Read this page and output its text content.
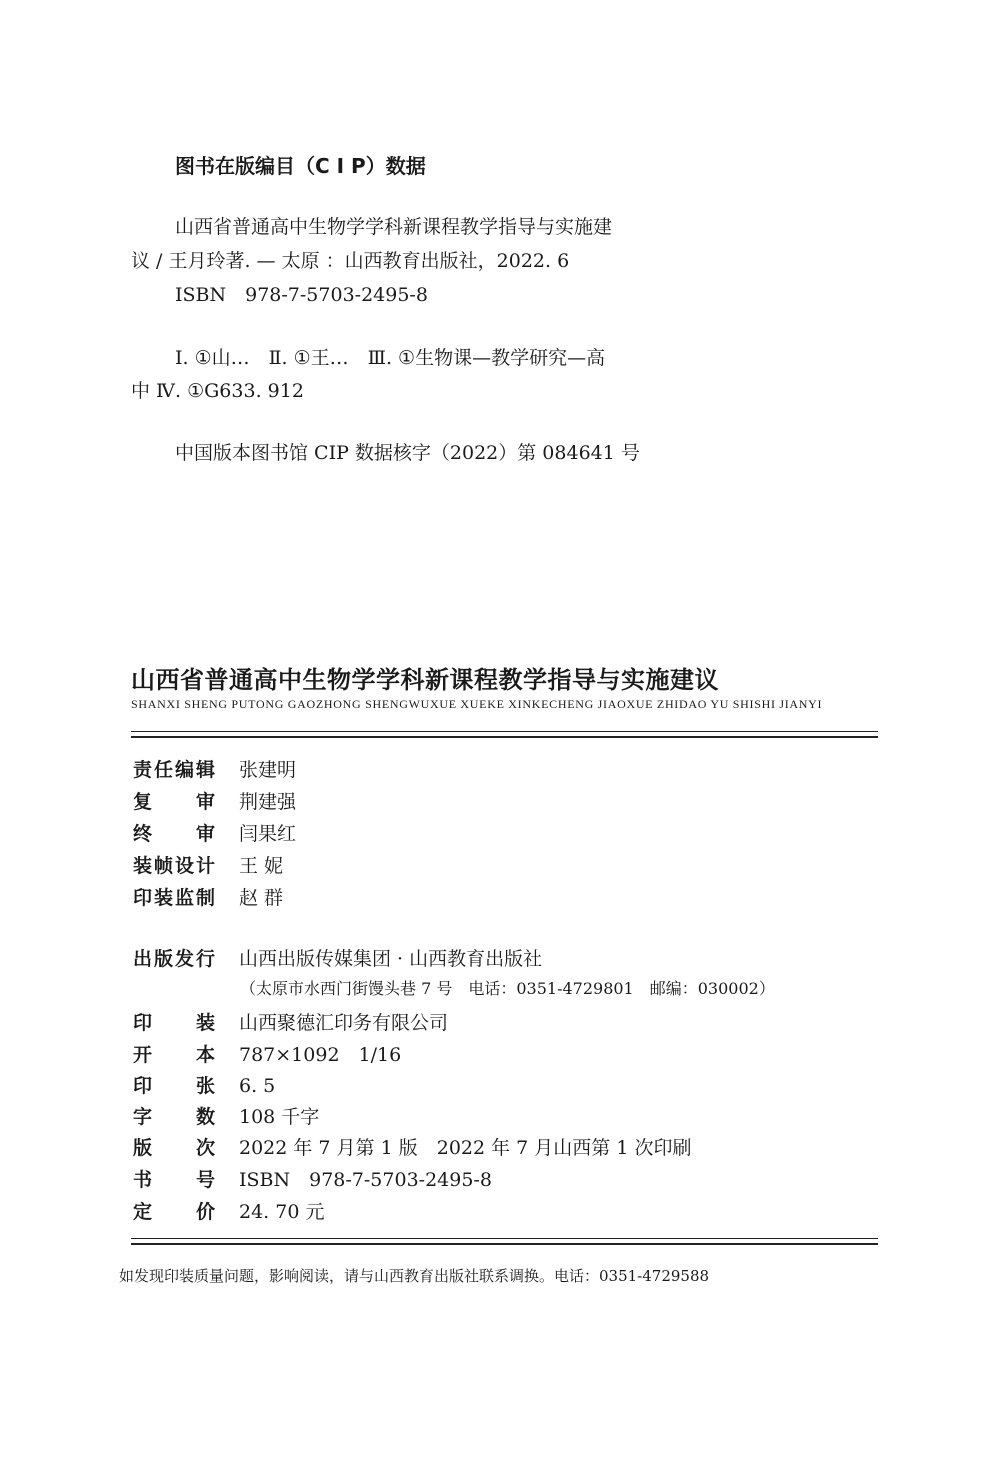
图书在版编目（C I P）数据
山西省普通高中生物学学科新课程教学指导与实施建
议 / 王月玲著. — 太原 ：山西教育出版社，2022. 6
ISBN　978-7-5703-2495-8
Ⅰ. ①山…　Ⅱ. ①王…　Ⅲ. ①生物课—教学研究—高
中 Ⅳ. ①G633. 912
中国版本图书馆 CIP 数据核字（2022）第 084641 号
山西省普通高中生物学学科新课程教学指导与实施建议
SHANXI SHENG PUTONG GAOZHONG SHENGWUXUE XUEKE XINKECHENG JIAOXUE ZHIDAO YU SHISHI JIANYI
责任编辑 张建明
复审 荆建强
终审 闫果红
装帧设计 王 妮
印装监制 赵 群
出版发行 山西出版传媒集团 · 山西教育出版社
（太原市水西门街馒头巷 7 号　电话：0351-4729801　邮编：030002）
印装 山西聚德汇印务有限公司
开本 787×1092　1/16
印张 6. 5
字数 108 千字
版次 2022 年 7 月第 1 版　2022 年 7 月山西第 1 次印刷
书号 ISBN　978-7-5703-2495-8
定价 24. 70 元
如发现印装质量问题，影响阅读，请与山西教育出版社联系调换。电话：0351-4729588
